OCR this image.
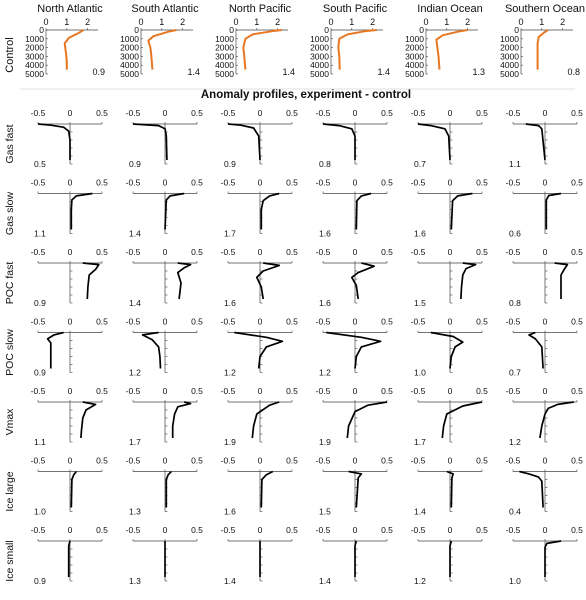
Anomaly profiles, experiment - control
Control
North Atlantic
0 1 2
0
1000
2000
3000
4000
5000	0.9
South Atlantic
0 1 2
0
1000
2000
3000
4000
5000	1.4
North Pacific
0 1 2
0
1000
2000
3000
4000
5000	1.4
South Pacific
0 1 2
0
1000
2000
3000
4000
5000	1.4
Indian Ocean
0 1 2
0
1000
2000
3000
4000
5000	1.3
Southern Ocean
0 1 2
0
1000
2000
3000
4000
5000	0.8
Gas fast
-0.5	0	0.5
0.5
-0.5	0	0.5
0.9
-0.5	0	0.5
0.9
-0.5	0	0.5
0.8
-0.5	0	0.5
0.7
-0.5	0	0.5
1.1
Gas slow
-0.5	0	0.5
1.1
-0.5	0	0.5
1.4
-0.5	0	0.5
1.7
-0.5	0	0.5
1.6
-0.5	0	0.5
1.6
-0.5	0	0.5
0.6
POC fast
-0.5	0	0.5
0.9
-0.5	0	0.5
1.4
-0.5	0	0.5
1.6
-0.5	0	0.5
1.6
-0.5	0	0.5
1.5
-0.5	0	0.5
0.8
POC slow
-0.5	0	0.5
0.9
-0.5	0	0.5
1.2
-0.5	0	0.5
1.2
-0.5	0	0.5
1.2
-0.5	0	0.5
1.0
-0.5	0	0.5
0.7
Vmax
-0.5	0	0.5
1.1
-0.5	0	0.5
1.7
-0.5	0	0.5
1.9
-0.5	0	0.5
1.9
-0.5	0	0.5
1.7
-0.5	0	0.5
1.2
Ice large
-0.5	0	0.5
1.0
-0.5	0	0.5
1.3
-0.5	0	0.5
1.6
-0.5	0	0.5
1.5
-0.5	0	0.5
1.4
-0.5	0	0.5
0.4
Ice small
-0.5	0	0.5
0.9
-0.5	0	0.5
1.3
-0.5	0	0.5
1.4
-0.5	0	0.5
1.4
-0.5	0	0.5
1.2
-0.5	0	0.5
1.0
